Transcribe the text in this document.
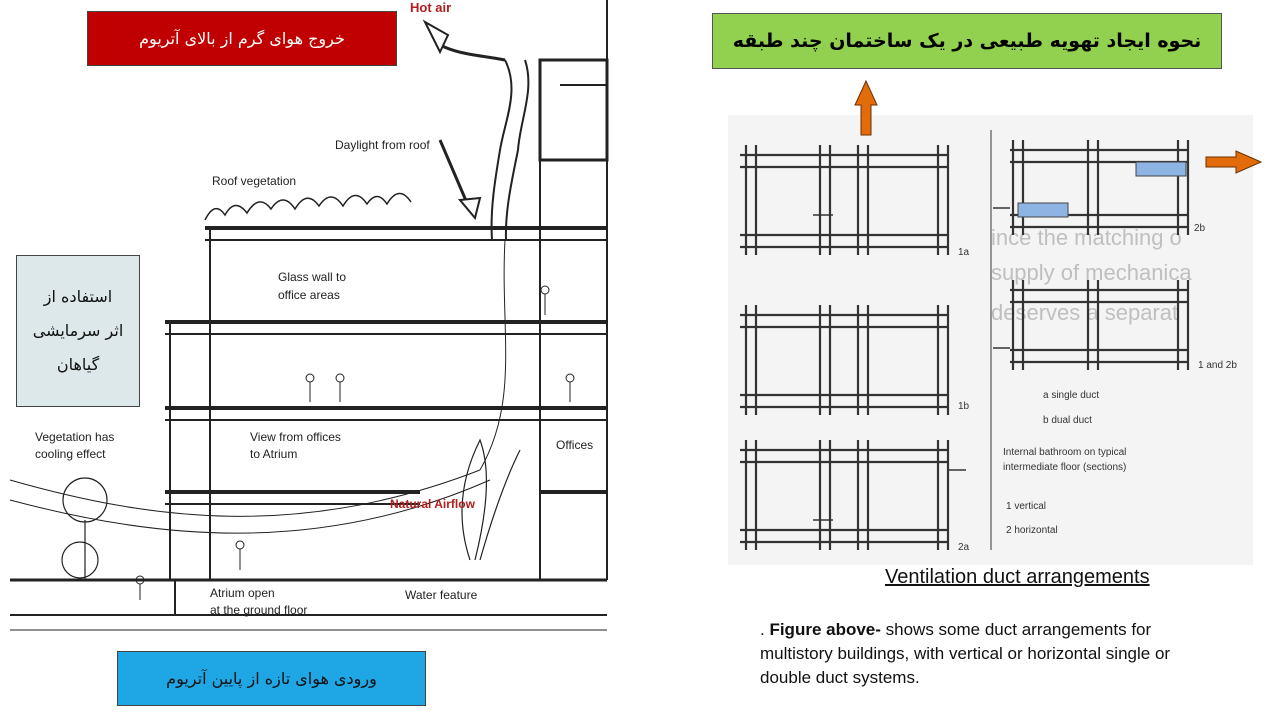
Hot air
Daylight from roof
Roof vegetation
Glass wall to
office areas
Vegetation has
cooling effect
View from offices
to Atrium
Offices
Natural Airflow
Atrium open
at the ground floor
Water feature
خروج هوای گرم از بالای آتریوم
استفاده از
اثر سرمایشی
گیاهان
ورودی هوای تازه از پایین آتریوم
نحوه ایجاد تهویه طبیعی در یک ساختمان چند طبقه
ince the matching o
supply of mechanica
deserves a separat
1a
1b
2a
2b
1 and 2b
a single duct
b dual duct
Internal bathroom on typical
intermediate floor (sections)
1 vertical
2 horizontal
Ventilation duct arrangements
. Figure above- shows some duct arrangements for multistory buildings, with vertical or horizontal single or double duct systems.
